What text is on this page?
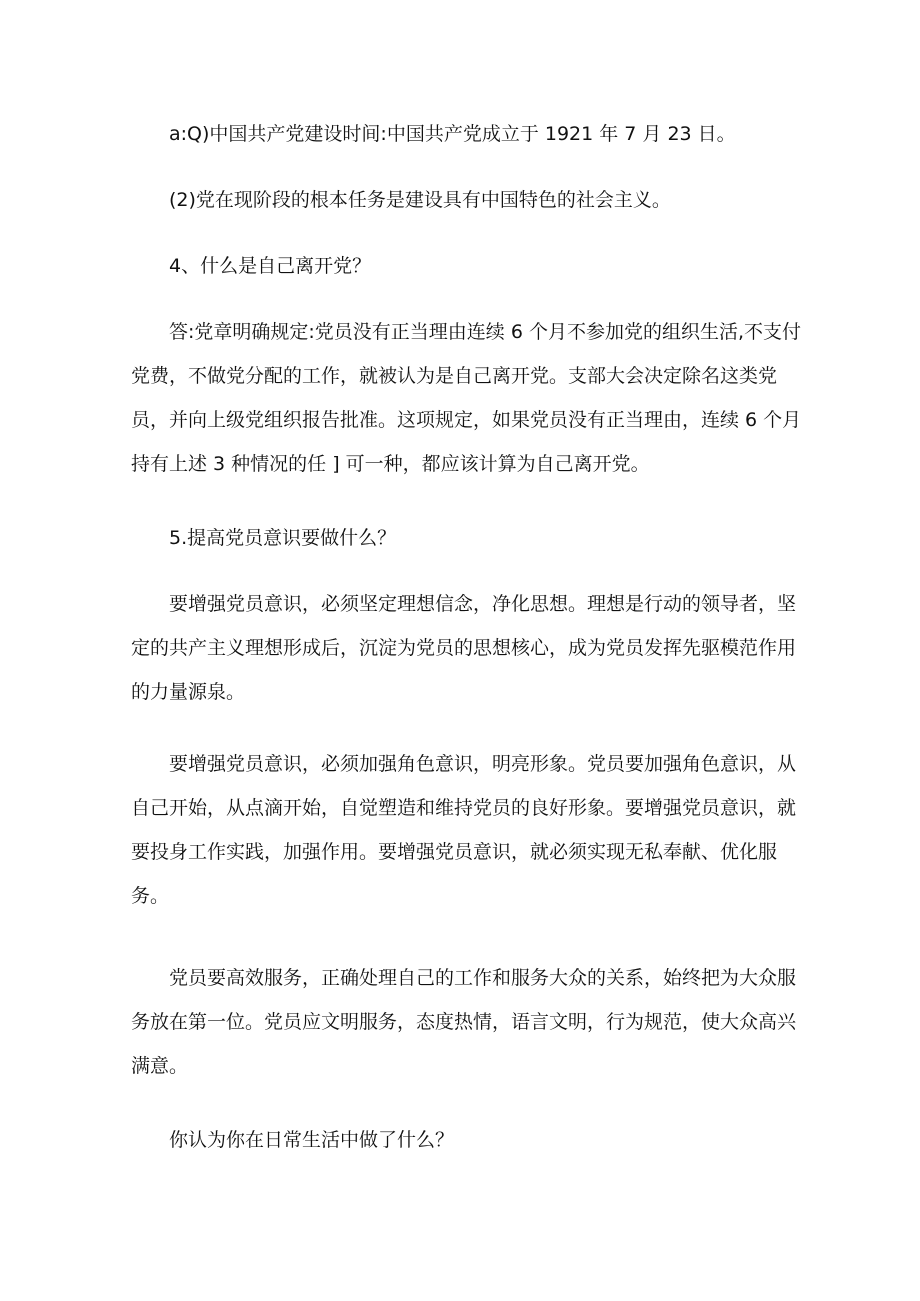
a:Q)中国共产党建设时间:中国共产党成立于 1921 年 7 月 23 日。

(2)党在现阶段的根本任务是建设具有中国特色的社会主义。

4、什么是自己离开党？

答:党章明确规定:党员没有正当理由连续 6 个月不参加党的组织生活,不支付
党费，不做党分配的工作，就被认为是自己离开党。支部大会决定除名这类党
员，并向上级党组织报告批准。这项规定，如果党员没有正当理由，连续 6 个月
持有上述 3 种情况的任 ] 可一种，都应该计算为自己离开党。

5.提高党员意识要做什么？

要增强党员意识，必须坚定理想信念，净化思想。理想是行动的领导者，坚
定的共产主义理想形成后，沉淀为党员的思想核心，成为党员发挥先驱模范作用
的力量源泉。

要增强党员意识，必须加强角色意识，明亮形象。党员要加强角色意识，从
自己开始，从点滴开始，自觉塑造和维持党员的良好形象。要增强党员意识，就
要投身工作实践，加强作用。要增强党员意识，就必须实现无私奉献、优化服
务。

党员要高效服务，正确处理自己的工作和服务大众的关系，始终把为大众服
务放在第一位。党员应文明服务，态度热情，语言文明，行为规范，使大众高兴
满意。

你认为你在日常生活中做了什么？
